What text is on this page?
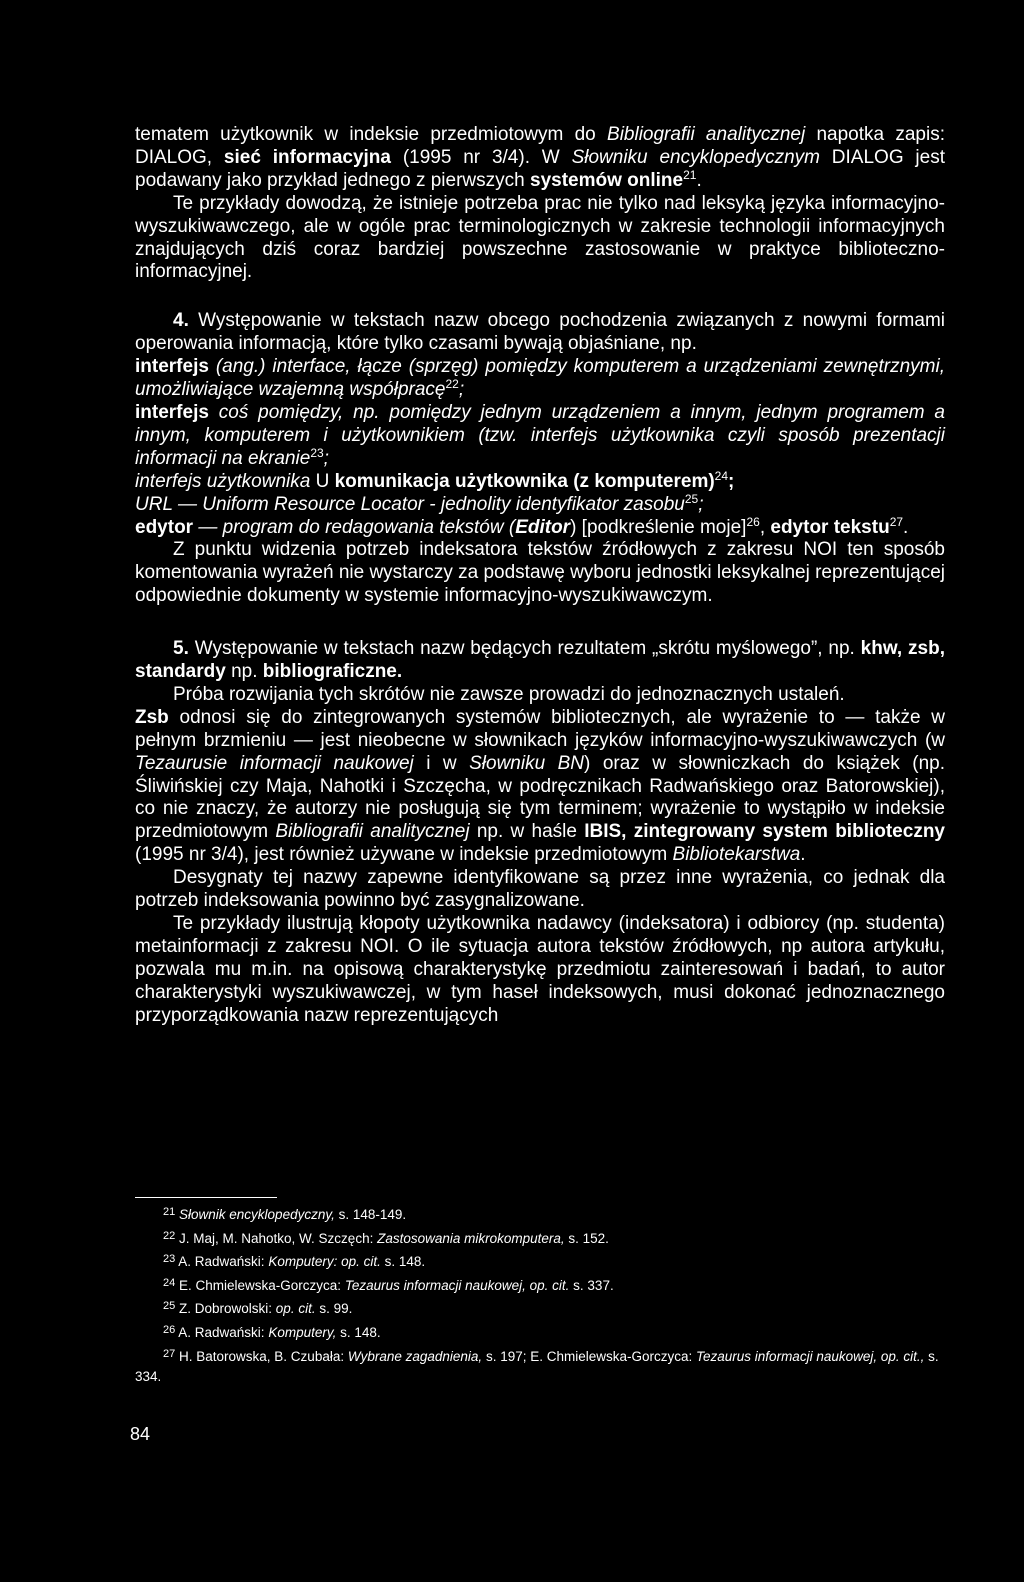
tematem użytkownik w indeksie przedmiotowym do Bibliografii analitycznej napotka zapis: DIALOG, sieć informacyjna (1995 nr 3/4). W Słowniku encyklopedycznym DIALOG jest podawany jako przykład jednego z pierwszych systemów online$^{21}$.

Te przykłady dowodzą, że istnieje potrzeba prac nie tylko nad leksyką języka informacyjno-wyszukiwawczego, ale w ogóle prac terminologicznych w zakresie technologii informacyjnych znajdujących dziś coraz bardziej powszechne zastosowanie w praktyce biblioteczno-informacyjnej.

4. Występowanie w tekstach nazw obcego pochodzenia związanych z nowymi formami operowania informacją, które tylko czasami bywają objaśniane, np.

interfejs (ang.) interface, łącze (sprzęg) pomiędzy komputerem a urządzeniami zewnętrznymi, umożliwiające wzajemną współpracę$^{22}$;

interfejs coś pomiędzy, np. pomiędzy jednym urządzeniem a innym, jednym programem a innym, komputerem i użytkownikiem (tzw. interfejs użytkownika czyli sposób prezentacji informacji na ekranie$^{23}$;

interfejs użytkownika U komunikacja użytkownika (z komputerem)$^{24}$;

URL — Uniform Resource Locator - jednolity identyfikator zasobu$^{25}$;

edytor — program do redagowania tekstów (Editor) [podkreślenie moje]$^{26}$, edytor tekstu$^{27}$.

Z punktu widzenia potrzeb indeksatora tekstów źródłowych z zakresu NOI ten sposób komentowania wyrażeń nie wystarczy za podstawę wyboru jednostki leksykalnej reprezentującej odpowiednie dokumenty w systemie informacyjno-wyszukiwawczym.

5. Występowanie w tekstach nazw będących rezultatem „skrótu myślowego”, np. khw, zsb, standardy np. bibliograficzne.

Próba rozwijania tych skrótów nie zawsze prowadzi do jednoznacznych ustaleń.

Zsb odnosi się do zintegrowanych systemów bibliotecznych, ale wyrażenie to — także w pełnym brzmieniu — jest nieobecne w słownikach języków informacyjno-wyszukiwawczych (w Tezaurusie informacji naukowej i w Słowniku BN) oraz w słowniczkach do książek (np. Śliwińskiej czy Maja, Nahotki i Szczęcha, w podręcznikach Radwańskiego oraz Batorowskiej), co nie znaczy, że autorzy nie posługują się tym terminem; wyrażenie to wystąpiło w indeksie przedmiotowym Bibliografii analitycznej np. w haśle IBIS, zintegrowany system biblioteczny (1995 nr 3/4), jest również używane w indeksie przedmiotowym Bibliotekarstwa.

Desygnaty tej nazwy zapewne identyfikowane są przez inne wyrażenia, co jednak dla potrzeb indeksowania powinno być zasygnalizowane.

Te przykłady ilustrują kłopoty użytkownika nadawcy (indeksatora) i odbiorcy (np. studenta) metainformacji z zakresu NOI. O ile sytuacja autora tekstów źródłowych, np autora artykułu, pozwala mu m.in. na opisową charakterystykę przedmiotu zainteresowań i badań, to autor charakterystyki wyszukiwawczej, w tym haseł indeksowych, musi dokonać jednoznacznego przyporządkowania nazw reprezentujących

$^{21}$ Słownik encyklopedyczny, s. 148-149.

$^{22}$ J. Maj, M. Nahotko, W. Szczęch: Zastosowania mikrokomputera, s. 152.

$^{23}$ A. Radwański: Komputery: op. cit. s. 148.

$^{24}$ E. Chmielewska-Gorczyca: Tezaurus informacji naukowej, op. cit. s. 337.

$^{25}$ Z. Dobrowolski: op. cit. s. 99.

$^{26}$ A. Radwański: Komputery, s. 148.

$^{27}$ H. Batorowska, B. Czubała: Wybrane zagadnienia, s. 197; E. Chmielewska-Gorczyca: Tezaurus informacji naukowej, op. cit., s. 334.

84
